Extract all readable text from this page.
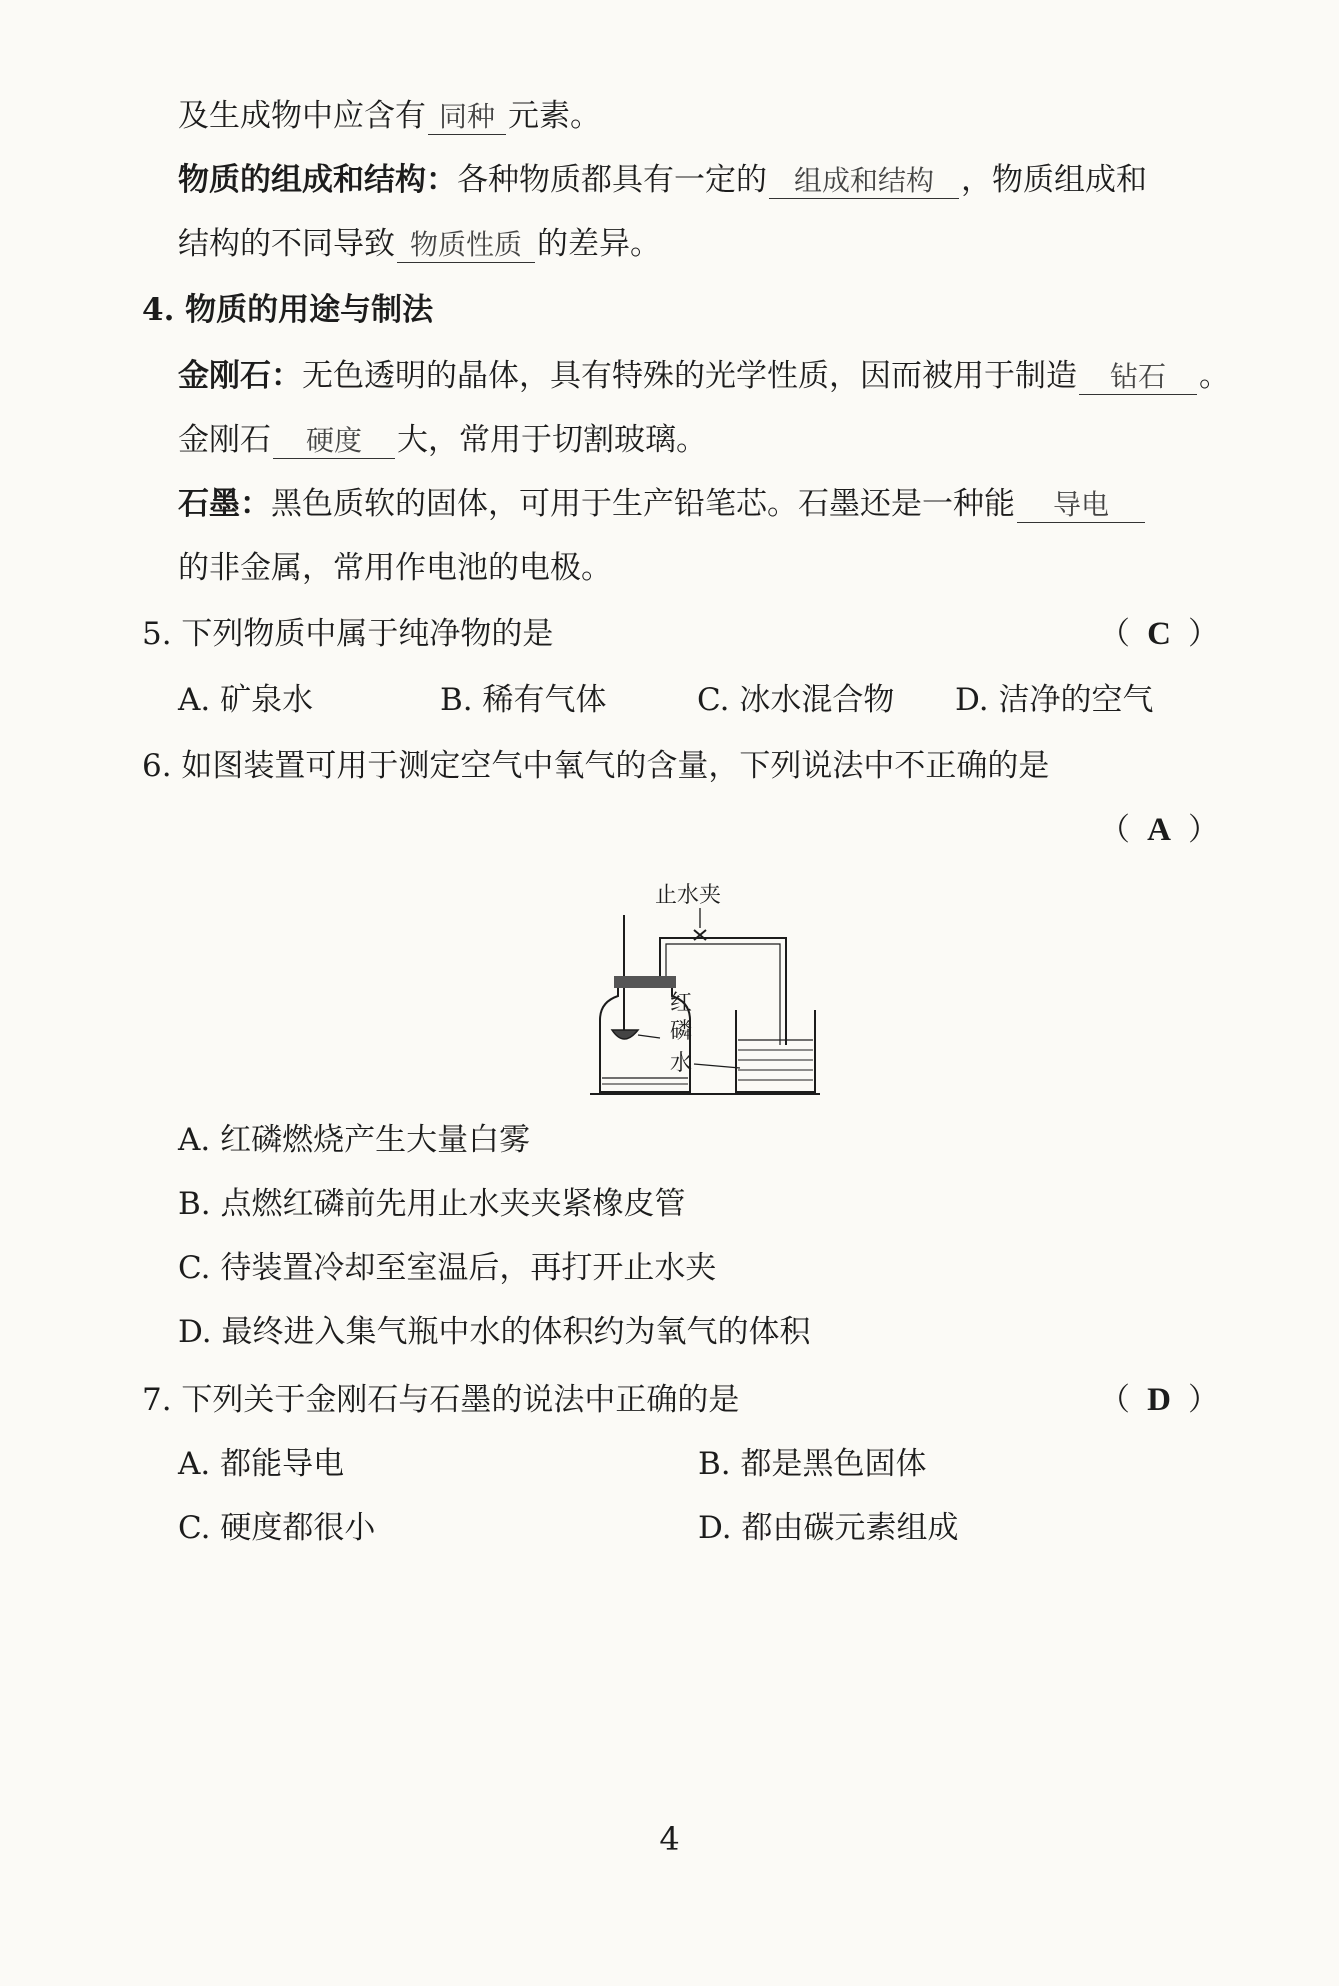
及生成物中应含有 同种 元素。
物质的组成和结构：各种物质都具有一定的 组成和结构 ，物质组成和
结构的不同导致 物质性质 的差异。
4. 物质的用途与制法
金刚石：无色透明的晶体，具有特殊的光学性质，因而被用于制造 钻石 。
金刚石 硬度 大，常用于切割玻璃。
石墨：黑色质软的固体，可用于生产铅笔芯。石墨还是一种能 导电
的非金属，常用作电池的电极。
5. 下列物质中属于纯净物的是	（ C ）
A. 矿泉水	B. 稀有气体	C. 冰水混合物 D. 洁净的空气
6. 如图装置可用于测定空气中氧气的含量，下列说法中不正确的是
（ A ）
止水夹
红
磷
水
A. 红磷燃烧产生大量白雾
B. 点燃红磷前先用止水夹夹紧橡皮管
C. 待装置冷却至室温后，再打开止水夹
D. 最终进入集气瓶中水的体积约为氧气的体积
7. 下列关于金刚石与石墨的说法中正确的是	（ D ）
A. 都能导电	B. 都是黑色固体
C. 硬度都很小	D. 都由碳元素组成
4
